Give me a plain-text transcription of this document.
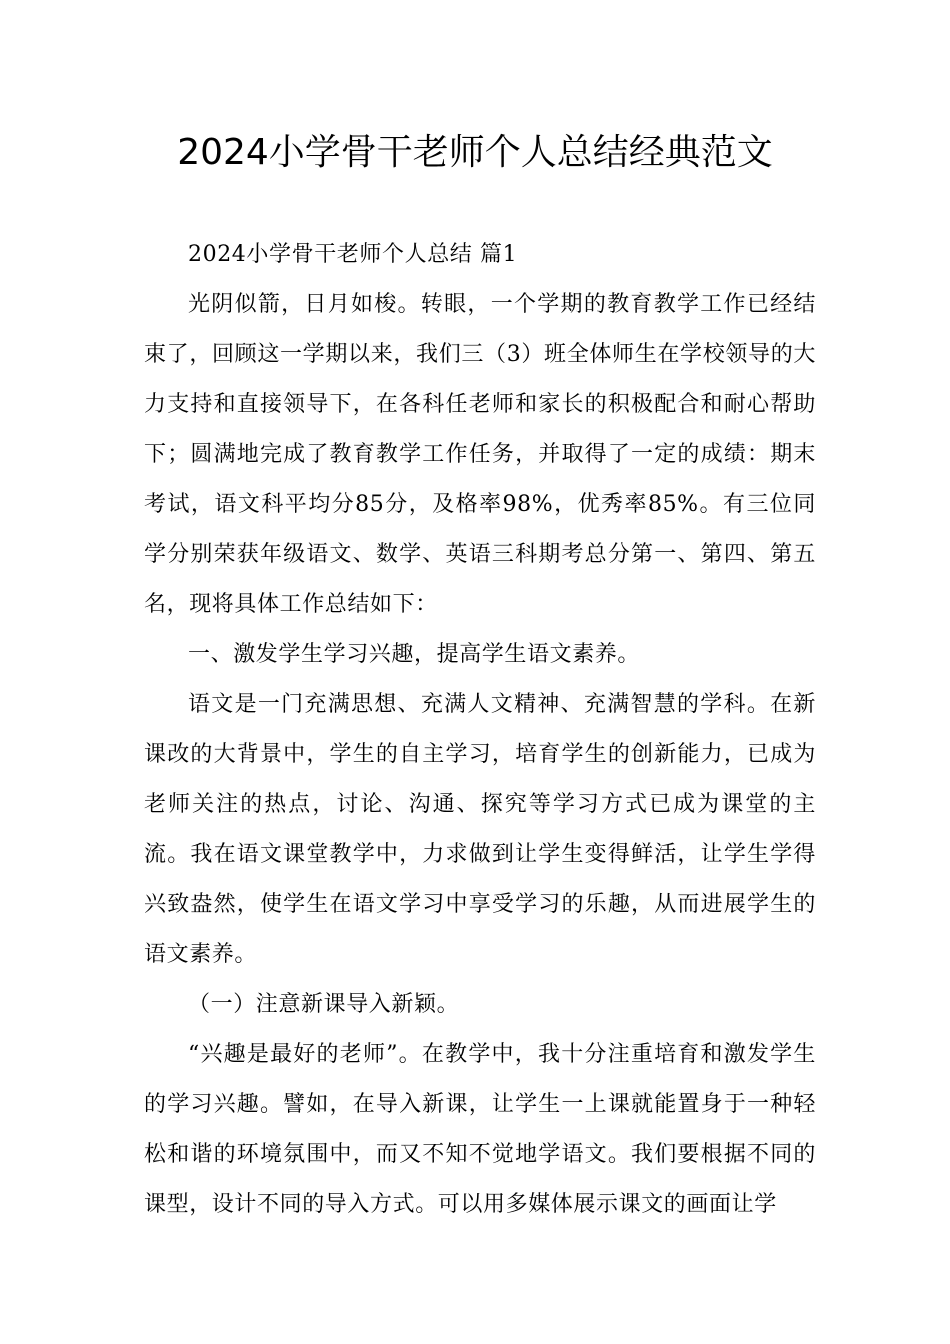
2024小学骨干老师个人总结经典范文

2024小学骨干老师个人总结 篇1

光阴似箭，日月如梭。转眼，一个学期的教育教学工作已经结束了，回顾这一学期以来，我们三（3）班全体师生在学校领导的大力支持和直接领导下，在各科任老师和家长的积极配合和耐心帮助下；圆满地完成了教育教学工作任务，并取得了一定的成绩：期末考试，语文科平均分85分，及格率98%，优秀率85%。有三位同学分别荣获年级语文、数学、英语三科期考总分第一、第四、第五名，现将具体工作总结如下：

一、激发学生学习兴趣，提高学生语文素养。

语文是一门充满思想、充满人文精神、充满智慧的学科。在新课改的大背景中，学生的自主学习，培育学生的创新能力，已成为老师关注的热点，讨论、沟通、探究等学习方式已成为课堂的主流。我在语文课堂教学中，力求做到让学生变得鲜活，让学生学得兴致盎然，使学生在语文学习中享受学习的乐趣，从而进展学生的语文素养。

（一）注意新课导入新颖。

“兴趣是最好的老师”。在教学中，我十分注重培育和激发学生的学习兴趣。譬如，在导入新课，让学生一上课就能置身于一种轻松和谐的环境氛围中，而又不知不觉地学语文。我们要根据不同的课型，设计不同的导入方式。可以用多媒体展示课文的画面让学
